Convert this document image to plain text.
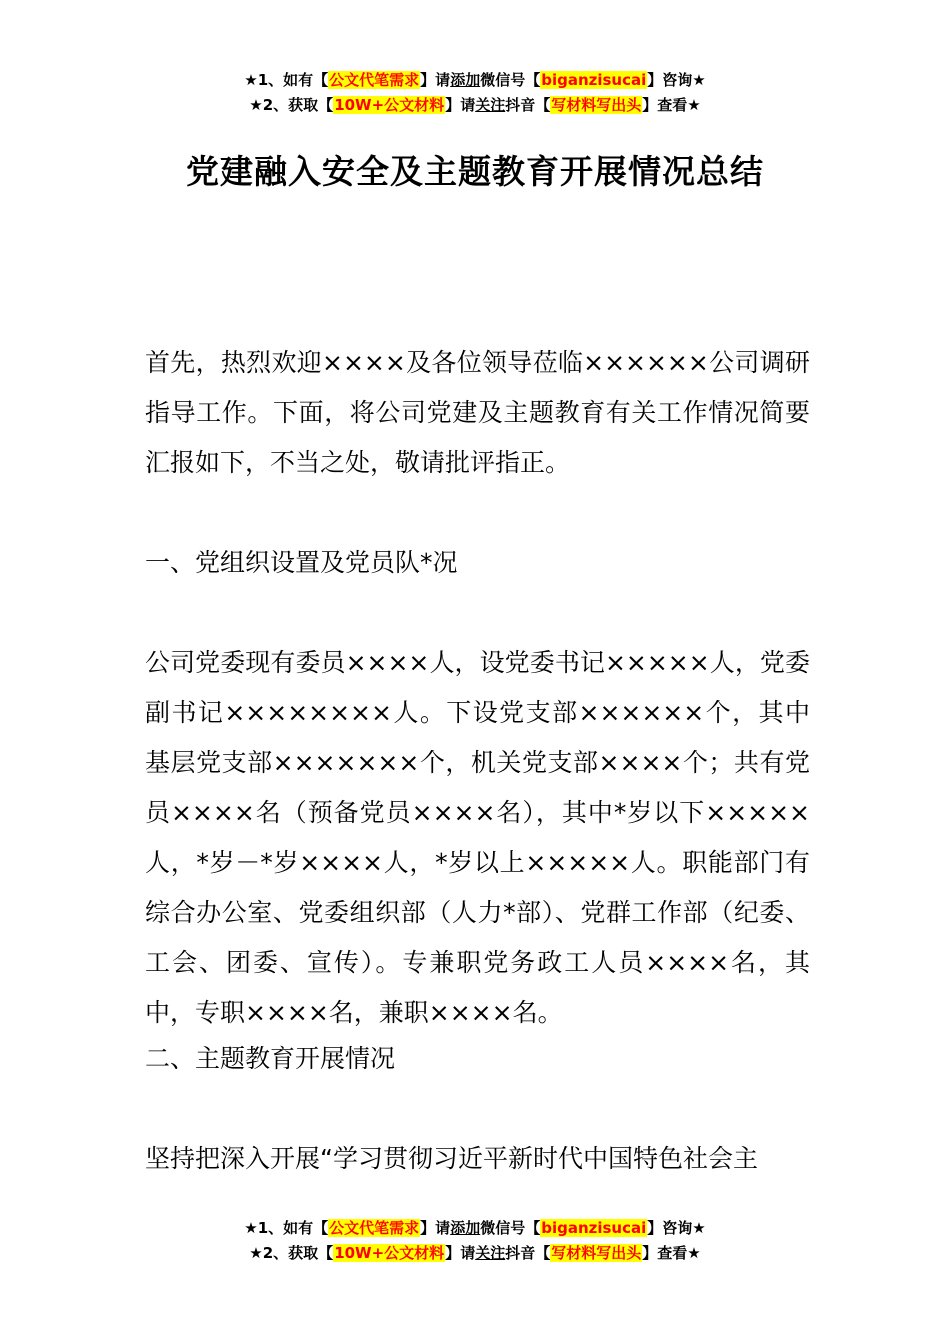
★1、如有【公文代笔需求】请添加微信号【biganzisucai】咨询★
★2、获取【10W+公文材料】请关注抖音【写材料写出头】查看★
党建融入安全及主题教育开展情况总结

首先，热烈欢迎××××及各位领导莅临××××××公司调研指导工作。下面，将公司党建及主题教育有关工作情况简要汇报如下，不当之处，敬请批评指正。

一、党组织设置及党员队*况

公司党委现有委员××××人，设党委书记×××××人，党委副书记××××××××人。下设党支部××××××个，其中基层党支部×××××××个，机关党支部××××个；共有党员××××名（预备党员××××名），其中*岁以下×××××人，*岁－*岁××××人，*岁以上×××××人。职能部门有综合办公室、党委组织部（人力*部）、党群工作部（纪委、工会、团委、宣传）。专兼职党务政工人员××××名，其中，专职××××名，兼职××××名。

二、主题教育开展情况

坚持把深入开展“学习贯彻习近平新时代中国特色社会主

★1、如有【公文代笔需求】请添加微信号【biganzisucai】咨询★
★2、获取【10W+公文材料】请关注抖音【写材料写出头】查看★
